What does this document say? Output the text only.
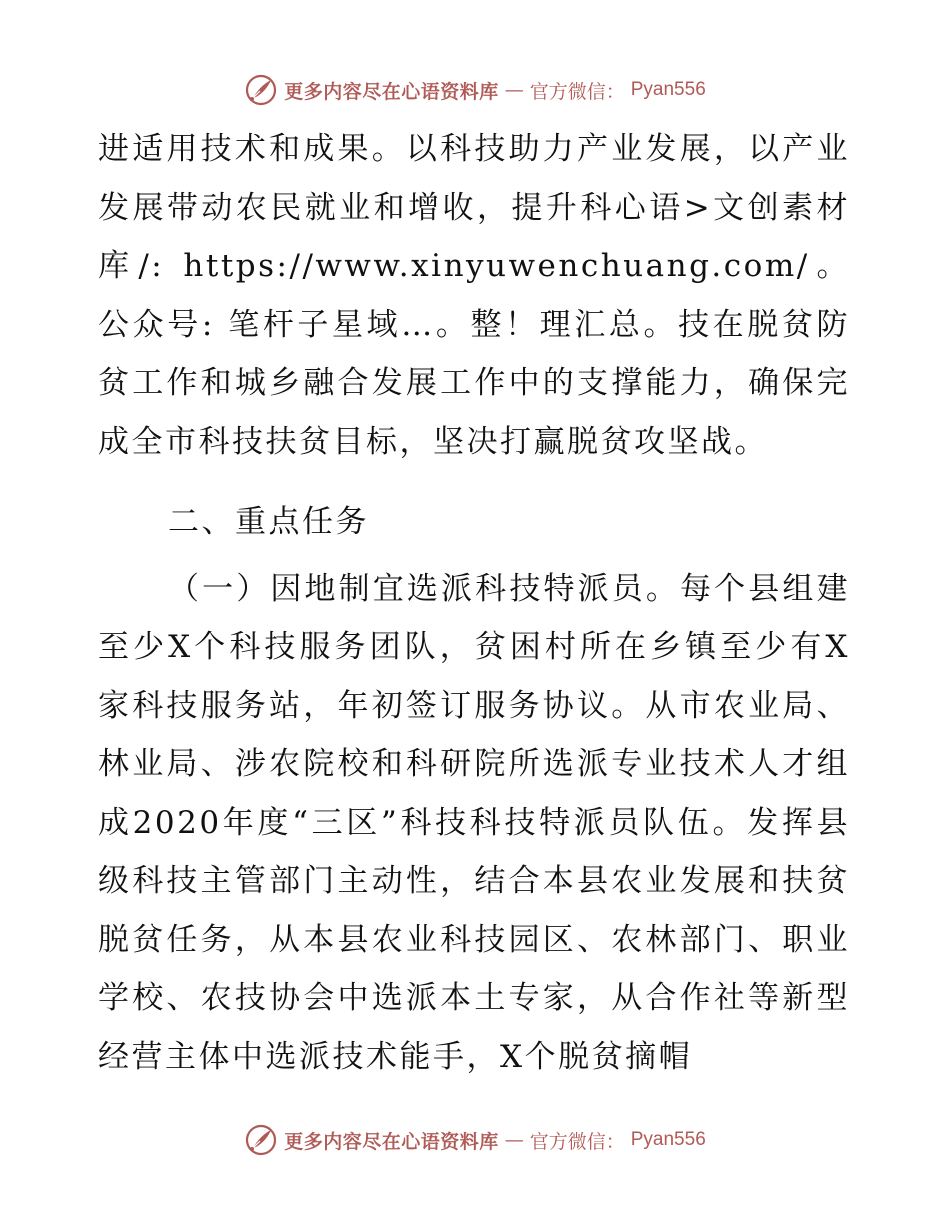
更多内容尽在心语资料库 — 官方微信： Pyan556

进适用技术和成果。以科技助力产业发展，以产业发展带动农民就业和增收，提升科心语>文创素材库/: https://www.xinyuwenchuang.com/。公众号: 笔杆子星域…。整！理汇总。技在脱贫防贫工作和城乡融合发展工作中的支撑能力，确保完成全市科技扶贫目标，坚决打赢脱贫攻坚战。

二、重点任务

（一）因地制宜选派科技特派员。每个县组建至少X个科技服务团队，贫困村所在乡镇至少有X家科技服务站，年初签订服务协议。从市农业局、林业局、涉农院校和科研院所选派专业技术人才组成2020年度“三区”科技科技特派员队伍。发挥县级科技主管部门主动性，结合本县农业发展和扶贫脱贫任务，从本县农业科技园区、农林部门、职业学校、农技协会中选派本土专家，从合作社等新型经营主体中选派技术能手，X个脱贫摘帽

更多内容尽在心语资料库 — 官方微信： Pyan556
